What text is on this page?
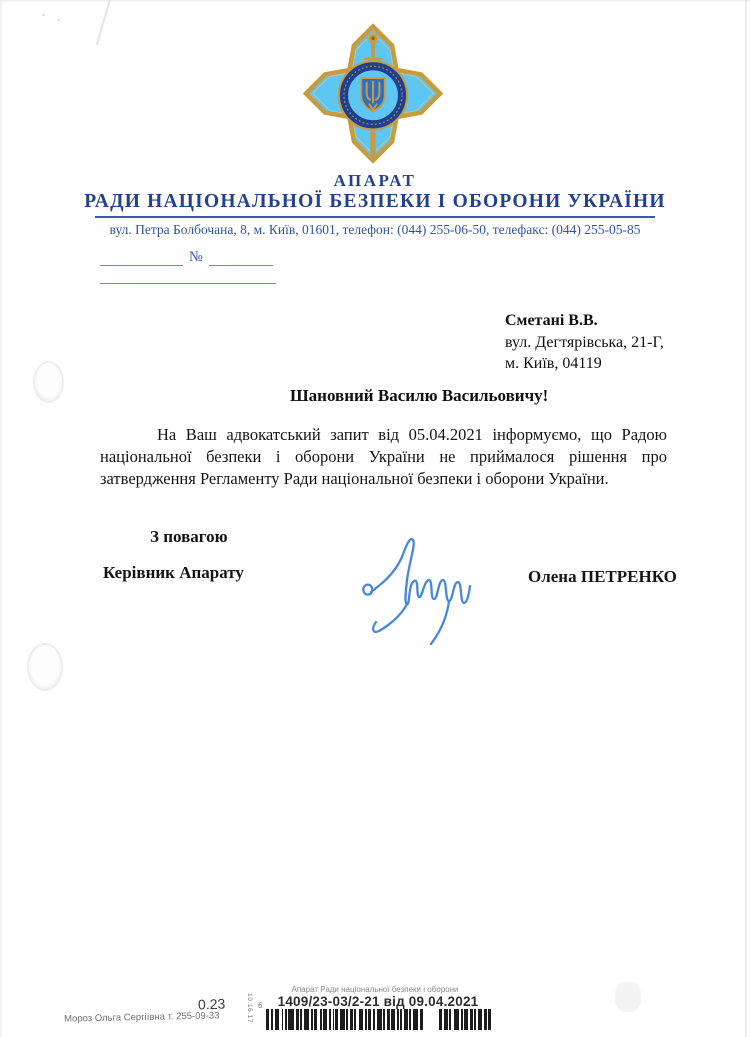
АПАРАТ
РАДИ НАЦІОНАЛЬНОЇ БЕЗПЕКИ І ОБОРОНИ УКРАЇНИ
вул. Петра Болбочана, 8, м. Київ, 01601, телефон: (044) 255-06-50, телефакс: (044) 255-05-85
№
Сметані В.В.
вул. Дегтярівська, 21-Г,
м. Київ, 04119
Шановний Василю Васильовичу!
На Ваш адвокатський запит від 05.04.2021 інформуємо, що Радою національної безпеки і оборони України не приймалося рішення про затвердження Регламенту Ради національної безпеки і оборони України.
З повагою
Керівник Апарату	Олена ПЕТРЕНКО
Апарат Ради національної безпеки і оборони
1409/23-03/2-21 від 09.04.2021
10.16.17 б
Мороз Ольга Сергіївна т. 255-09-33
0.23
